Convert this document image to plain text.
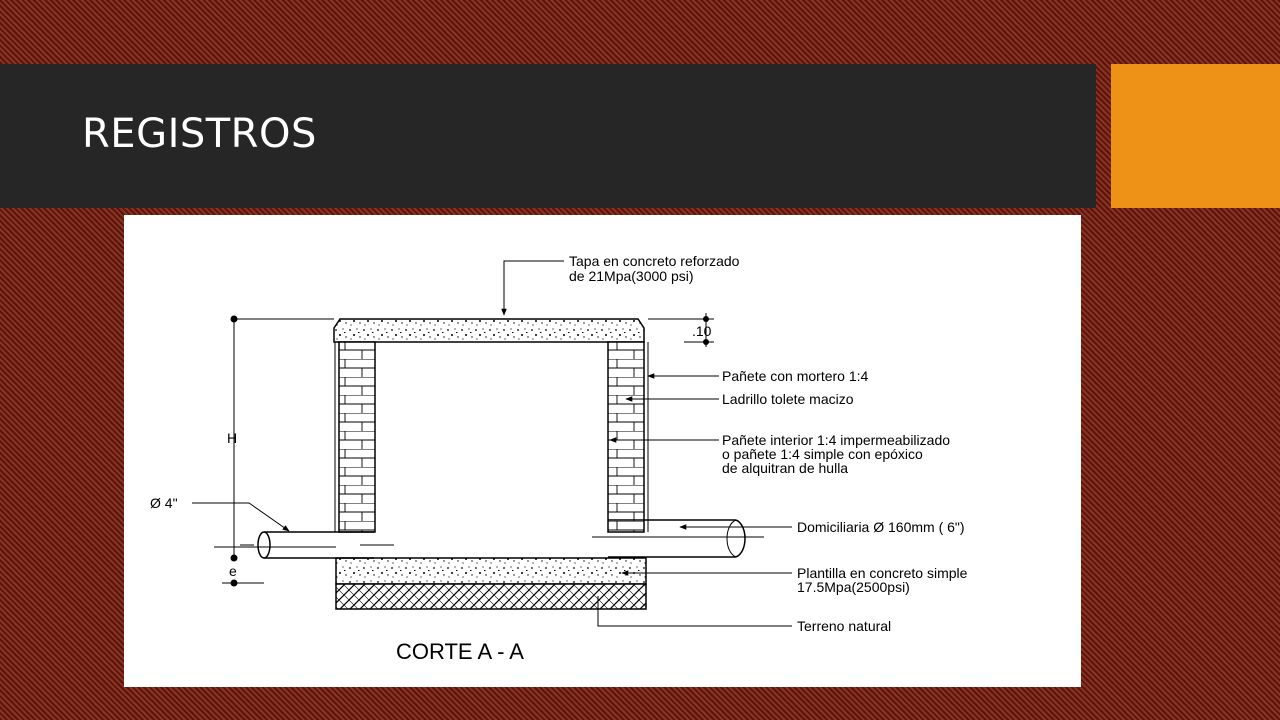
REGISTROS
H
e
.10
Tapa en concreto reforzado
de 21Mpa(3000 psi)
Pañete con mortero 1:4
Ladrillo tolete macizo
Pañete interior 1:4 impermeabilizado
o pañete 1:4 simple con epóxico
de alquitran de hulla
Ø 4"
Domiciliaria Ø 160mm ( 6")
Plantilla en concreto simple
17.5Mpa(2500psi)
Terreno natural
CORTE A - A
